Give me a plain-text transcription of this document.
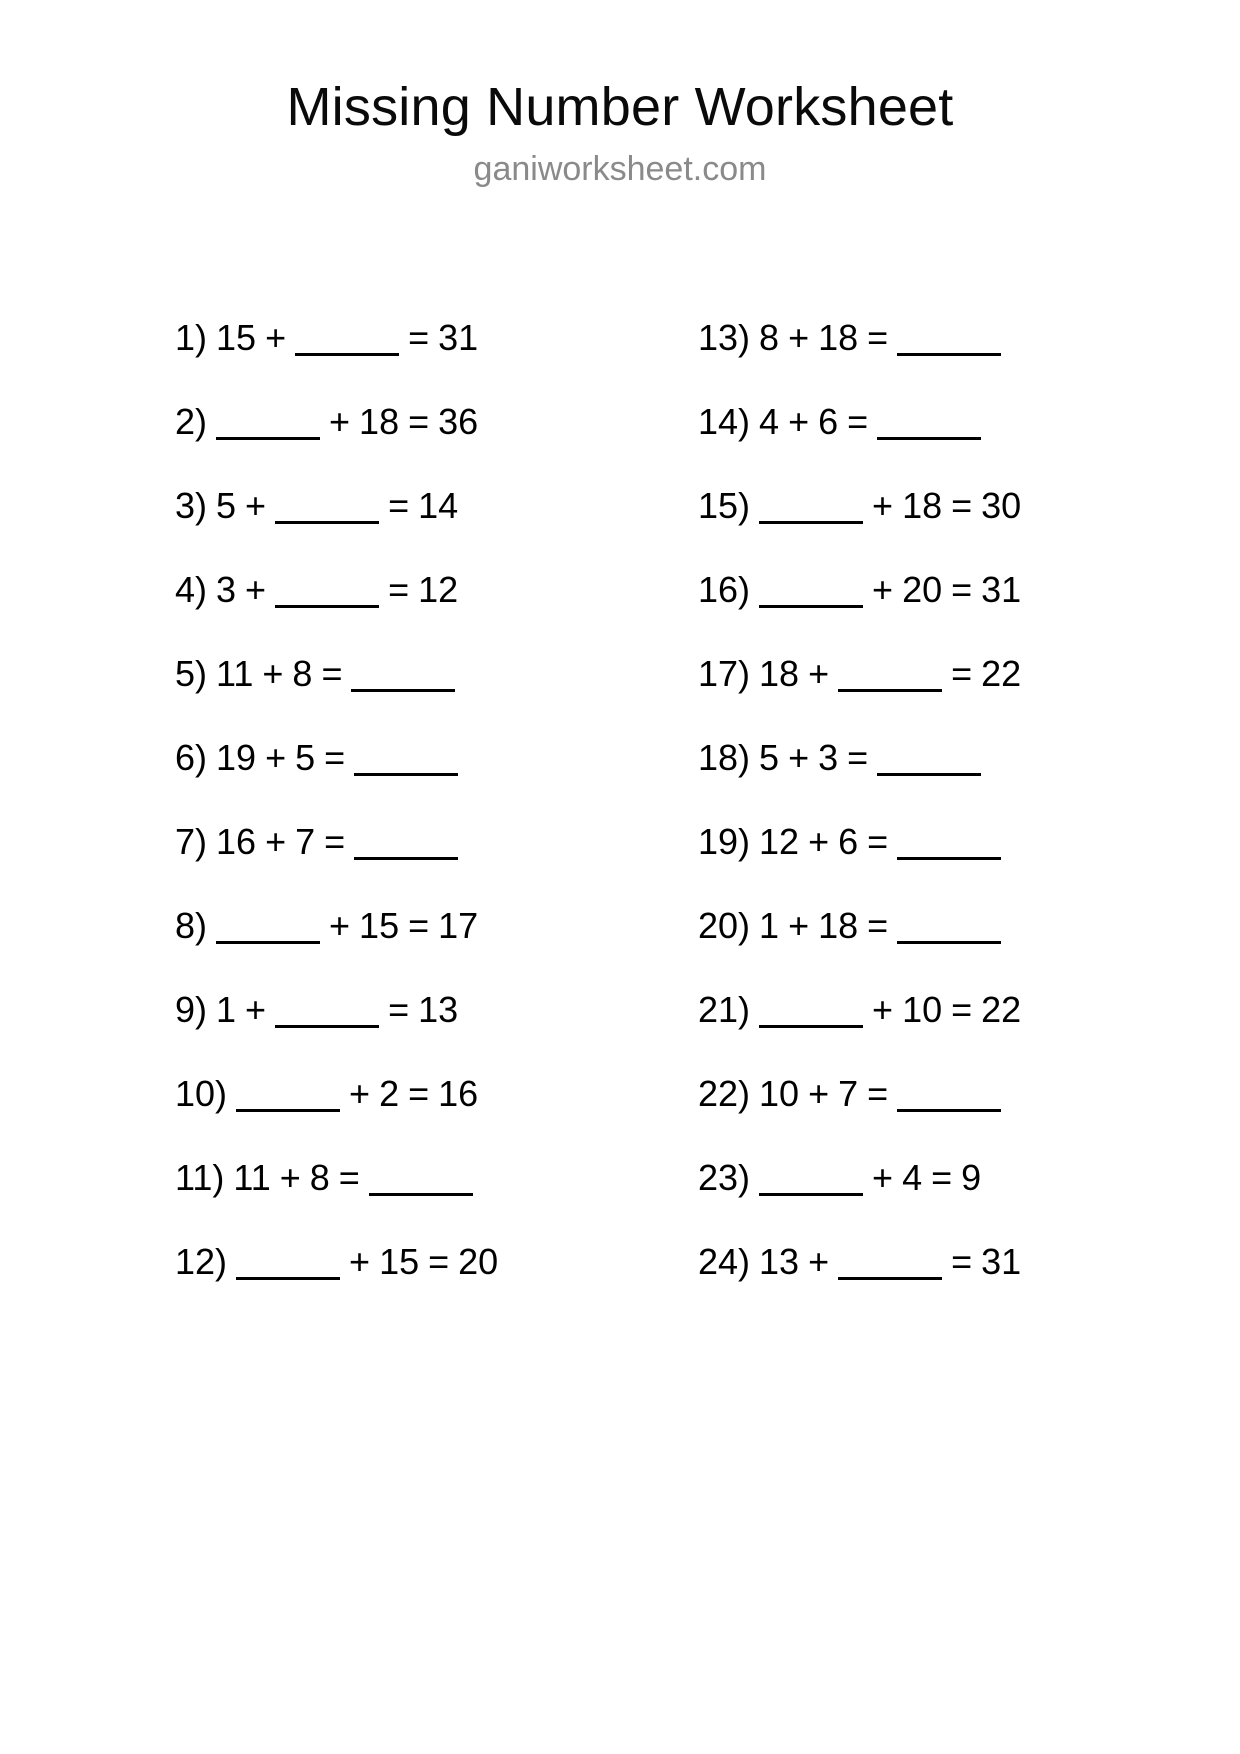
Missing Number Worksheet

ganiworksheet.com

1) 15 +	= 31
2)	+ 18 = 36
3) 5 +	= 14
4) 3 +	= 12
5) 11 + 8 =
6) 19 + 5 =
7) 16 + 7 =
8)	+ 15 = 17
9) 1 +	= 13
10)	+ 2 = 16
11) 11 + 8 =
12)	+ 15 = 20
13) 8 + 18 =
14) 4 + 6 =
15)	+ 18 = 30
16)	+ 20 = 31
17) 18 +	= 22
18) 5 + 3 =
19) 12 + 6 =
20) 1 + 18 =
21)	+ 10 = 22
22) 10 + 7 =
23)	+ 4 = 9
24) 13 +	= 31
